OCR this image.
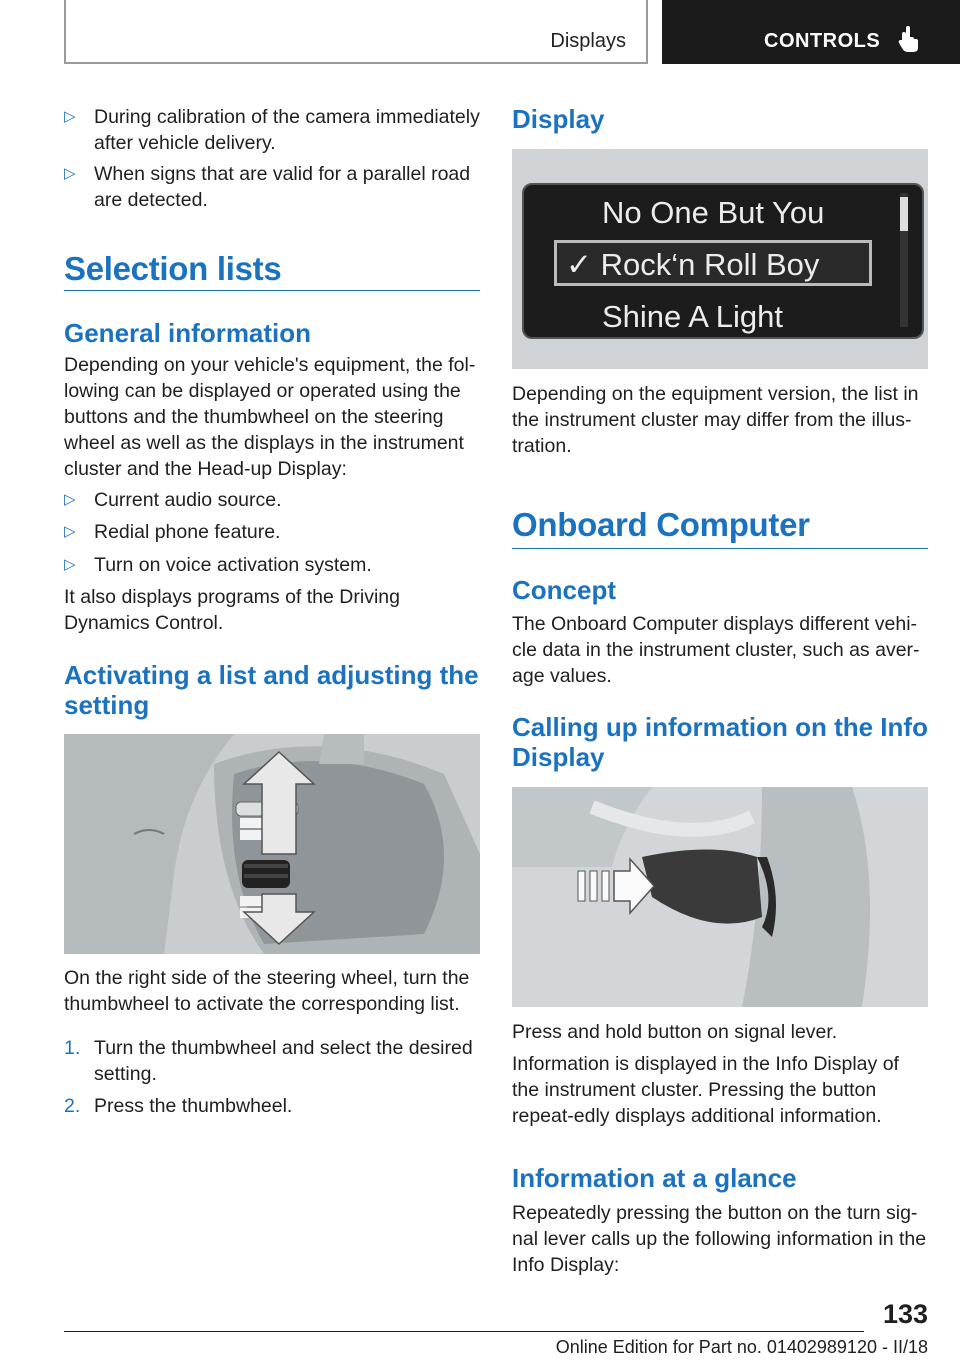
Displays	CONTROLS
▷ During calibration of the camera immediately after vehicle delivery.
▷ When signs that are valid for a parallel road are detected.
Selection lists
General information
Depending on your vehicle's equipment, the fol‐lowing can be displayed or operated using the buttons and the thumbwheel on the steering wheel as well as the displays in the instrument cluster and the Head-up Display:
▷ Current audio source.
▷ Redial phone feature.
▷ Turn on voice activation system.
It also displays programs of the Driving Dynamics Control.
Activating a list and adjusting the setting
On the right side of the steering wheel, turn the thumbwheel to activate the corresponding list.
1. Turn the thumbwheel and select the desired setting.
2. Press the thumbwheel.
Display
No One But You
✓ Rock‘n Roll Boy
Shine A Light
Depending on the equipment version, the list in the instrument cluster may differ from the illus‐tration.
Onboard Computer
Concept
The Onboard Computer displays different vehi‐cle data in the instrument cluster, such as aver‐age values.
Calling up information on the Info Display
Press and hold button on signal lever.
Information is displayed in the Info Display of the instrument cluster. Pressing the button repeat‐edly displays additional information.
Information at a glance
Repeatedly pressing the button on the turn sig‐nal lever calls up the following information in the Info Display:
133
Online Edition for Part no. 01402989120 - II/18
